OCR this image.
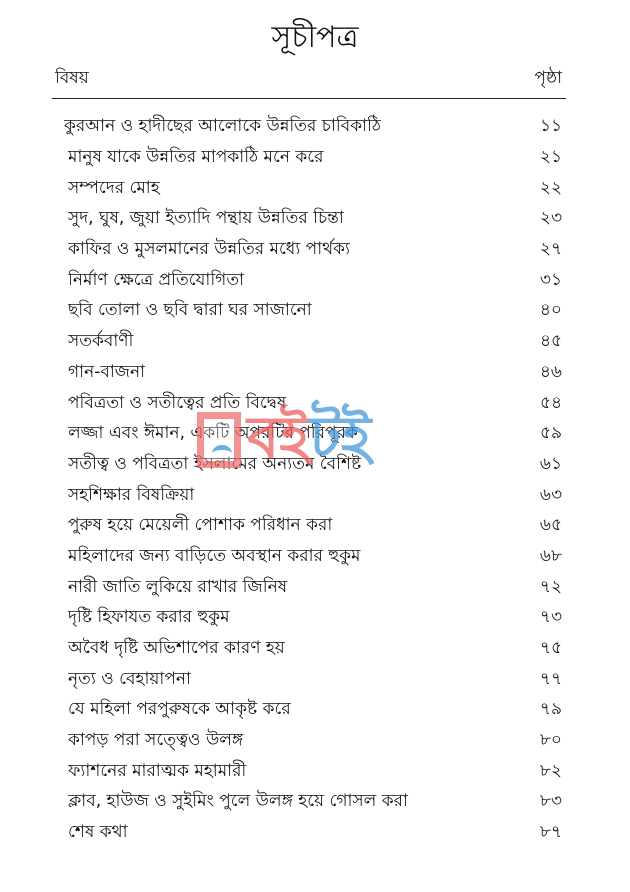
সূচীপত্র
বিষয়	পৃষ্ঠা
কুরআন ও হাদীছের আলোকে উন্নতির চাবিকাঠি	১১
মানুষ যাকে উন্নতির মাপকাঠি মনে করে	২১
সম্পদের মোহ	২২
সুদ, ঘুষ, জুয়া ইত্যাদি পন্থায় উন্নতির চিন্তা	২৩
কাফির ও মুসলমানের উন্নতির মধ্যে পার্থক্য	২৭
নির্মাণ ক্ষেত্রে প্রতিযোগিতা	৩১
ছবি তোলা ও ছবি দ্বারা ঘর সাজানো	৪০
সতর্কবাণী	৪৫
গান-বাজনা	৪৬
পবিত্রতা ও সতীত্বের প্রতি বিদ্বেষ	৫৪
লজ্জা এবং ঈমান, একটি অপরটির পরিপূরক	৫৯
সতীত্ব ও পবিত্রতা ইসলামের অন্যতম বৈশিষ্ট	৬১
সহশিক্ষার বিষক্রিয়া	৬৩
পুরুষ হয়ে মেয়েলী পোশাক পরিধান করা	৬৫
মহিলাদের জন্য বাড়িতে অবস্থান করার হুকুম	৬৮
নারী জাতি লুকিয়ে রাখার জিনিষ	৭২
দৃষ্টি হিফাযত করার হুকুম	৭৩
অবৈধ দৃষ্টি অভিশাপের কারণ হয়	৭৫
নৃত্য ও বেহায়াপনা	৭৭
যে মহিলা পরপুরুষকে আকৃষ্ট করে	৭৯
কাপড় পরা সত্ত্বেও উলঙ্গ	৮০
ফ্যাশনের মারাত্মক মহামারী	৮২
ক্লাব, হাউজ ও সুইমিং পুলে উলঙ্গ হয়ে গোসল করা	৮৩
শেষ কথা	৮৭
বইটই
